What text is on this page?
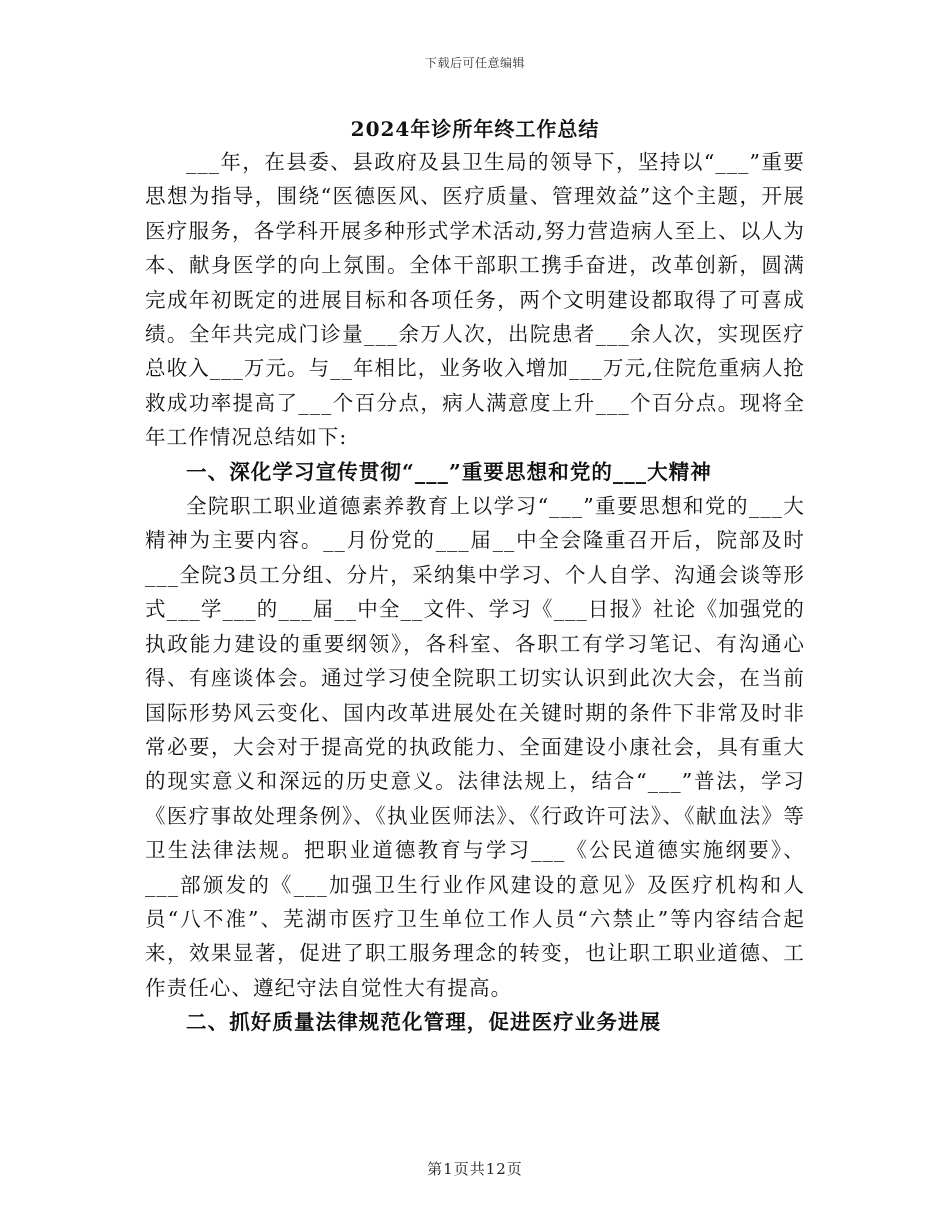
下载后可任意编辑
2024年诊所年终工作总结

___年，在县委、县政府及县卫生局的领导下，坚持以“___”重要思想为指导，围绕“医德医风、医疗质量、管理效益”这个主题，开展医疗服务，各学科开展多种形式学术活动,努力营造病人至上、以人为本、献身医学的向上氛围。全体干部职工携手奋进，改革创新，圆满完成年初既定的进展目标和各项任务，两个文明建设都取得了可喜成绩。全年共完成门诊量___余万人次，出院患者___余人次，实现医疗总收入___万元。与__年相比，业务收入增加___万元,住院危重病人抢救成功率提高了___个百分点，病人满意度上升___个百分点。现将全年工作情况总结如下:

一、深化学习宣传贯彻“___”重要思想和党的___大精神

全院职工职业道德素养教育上以学习“___”重要思想和党的___大精神为主要内容。__月份党的___届__中全会隆重召开后，院部及时___全院3员工分组、分片，采纳集中学习、个人自学、沟通会谈等形式___学___的___届__中全__文件、学习《___日报》社论《加强党的执政能力建设的重要纲领》，各科室、各职工有学习笔记、有沟通心得、有座谈体会。通过学习使全院职工切实认识到此次大会，在当前国际形势风云变化、国内改革进展处在关键时期的条件下非常及时非常必要，大会对于提高党的执政能力、全面建设小康社会，具有重大的现实意义和深远的历史意义。法律法规上，结合“___”普法，学习《医疗事故处理条例》、《执业医师法》、《行政许可法》、《献血法》等卫生法律法规。把职业道德教育与学习___《公民道德实施纲要》、___部颁发的《___加强卫生行业作风建设的意见》及医疗机构和人员“八不准”、芜湖市医疗卫生单位工作人员“六禁止”等内容结合起来，效果显著，促进了职工服务理念的转变，也让职工职业道德、工作责任心、遵纪守法自觉性大有提高。

二、抓好质量法律规范化管理，促进医疗业务进展
第1页共12页
